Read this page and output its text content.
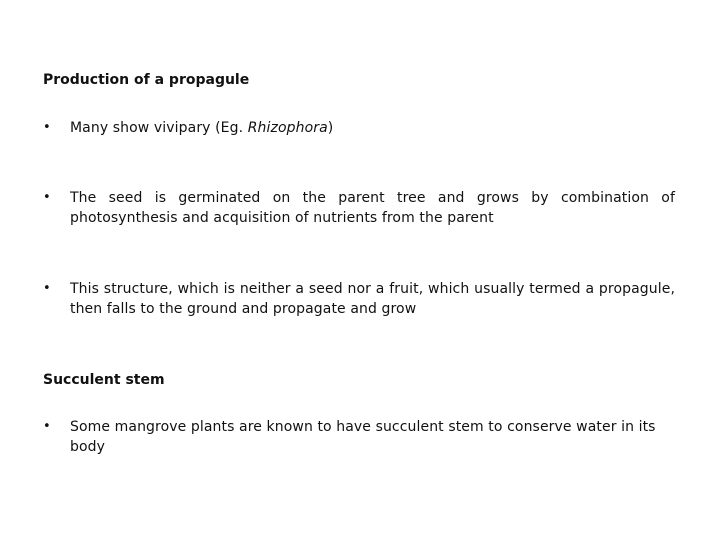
Production of a propagule
•	Many show vivipary (Eg. Rhizophora)
•	The seed is germinated on the parent tree and grows by combination of photosynthesis and acquisition of nutrients from the parent
•	This structure, which is neither a seed nor a fruit, which usually termed a propagule, then falls to the ground and propagate and grow
Succulent stem
•	Some mangrove plants are known to have succulent stem to conserve water in its body
